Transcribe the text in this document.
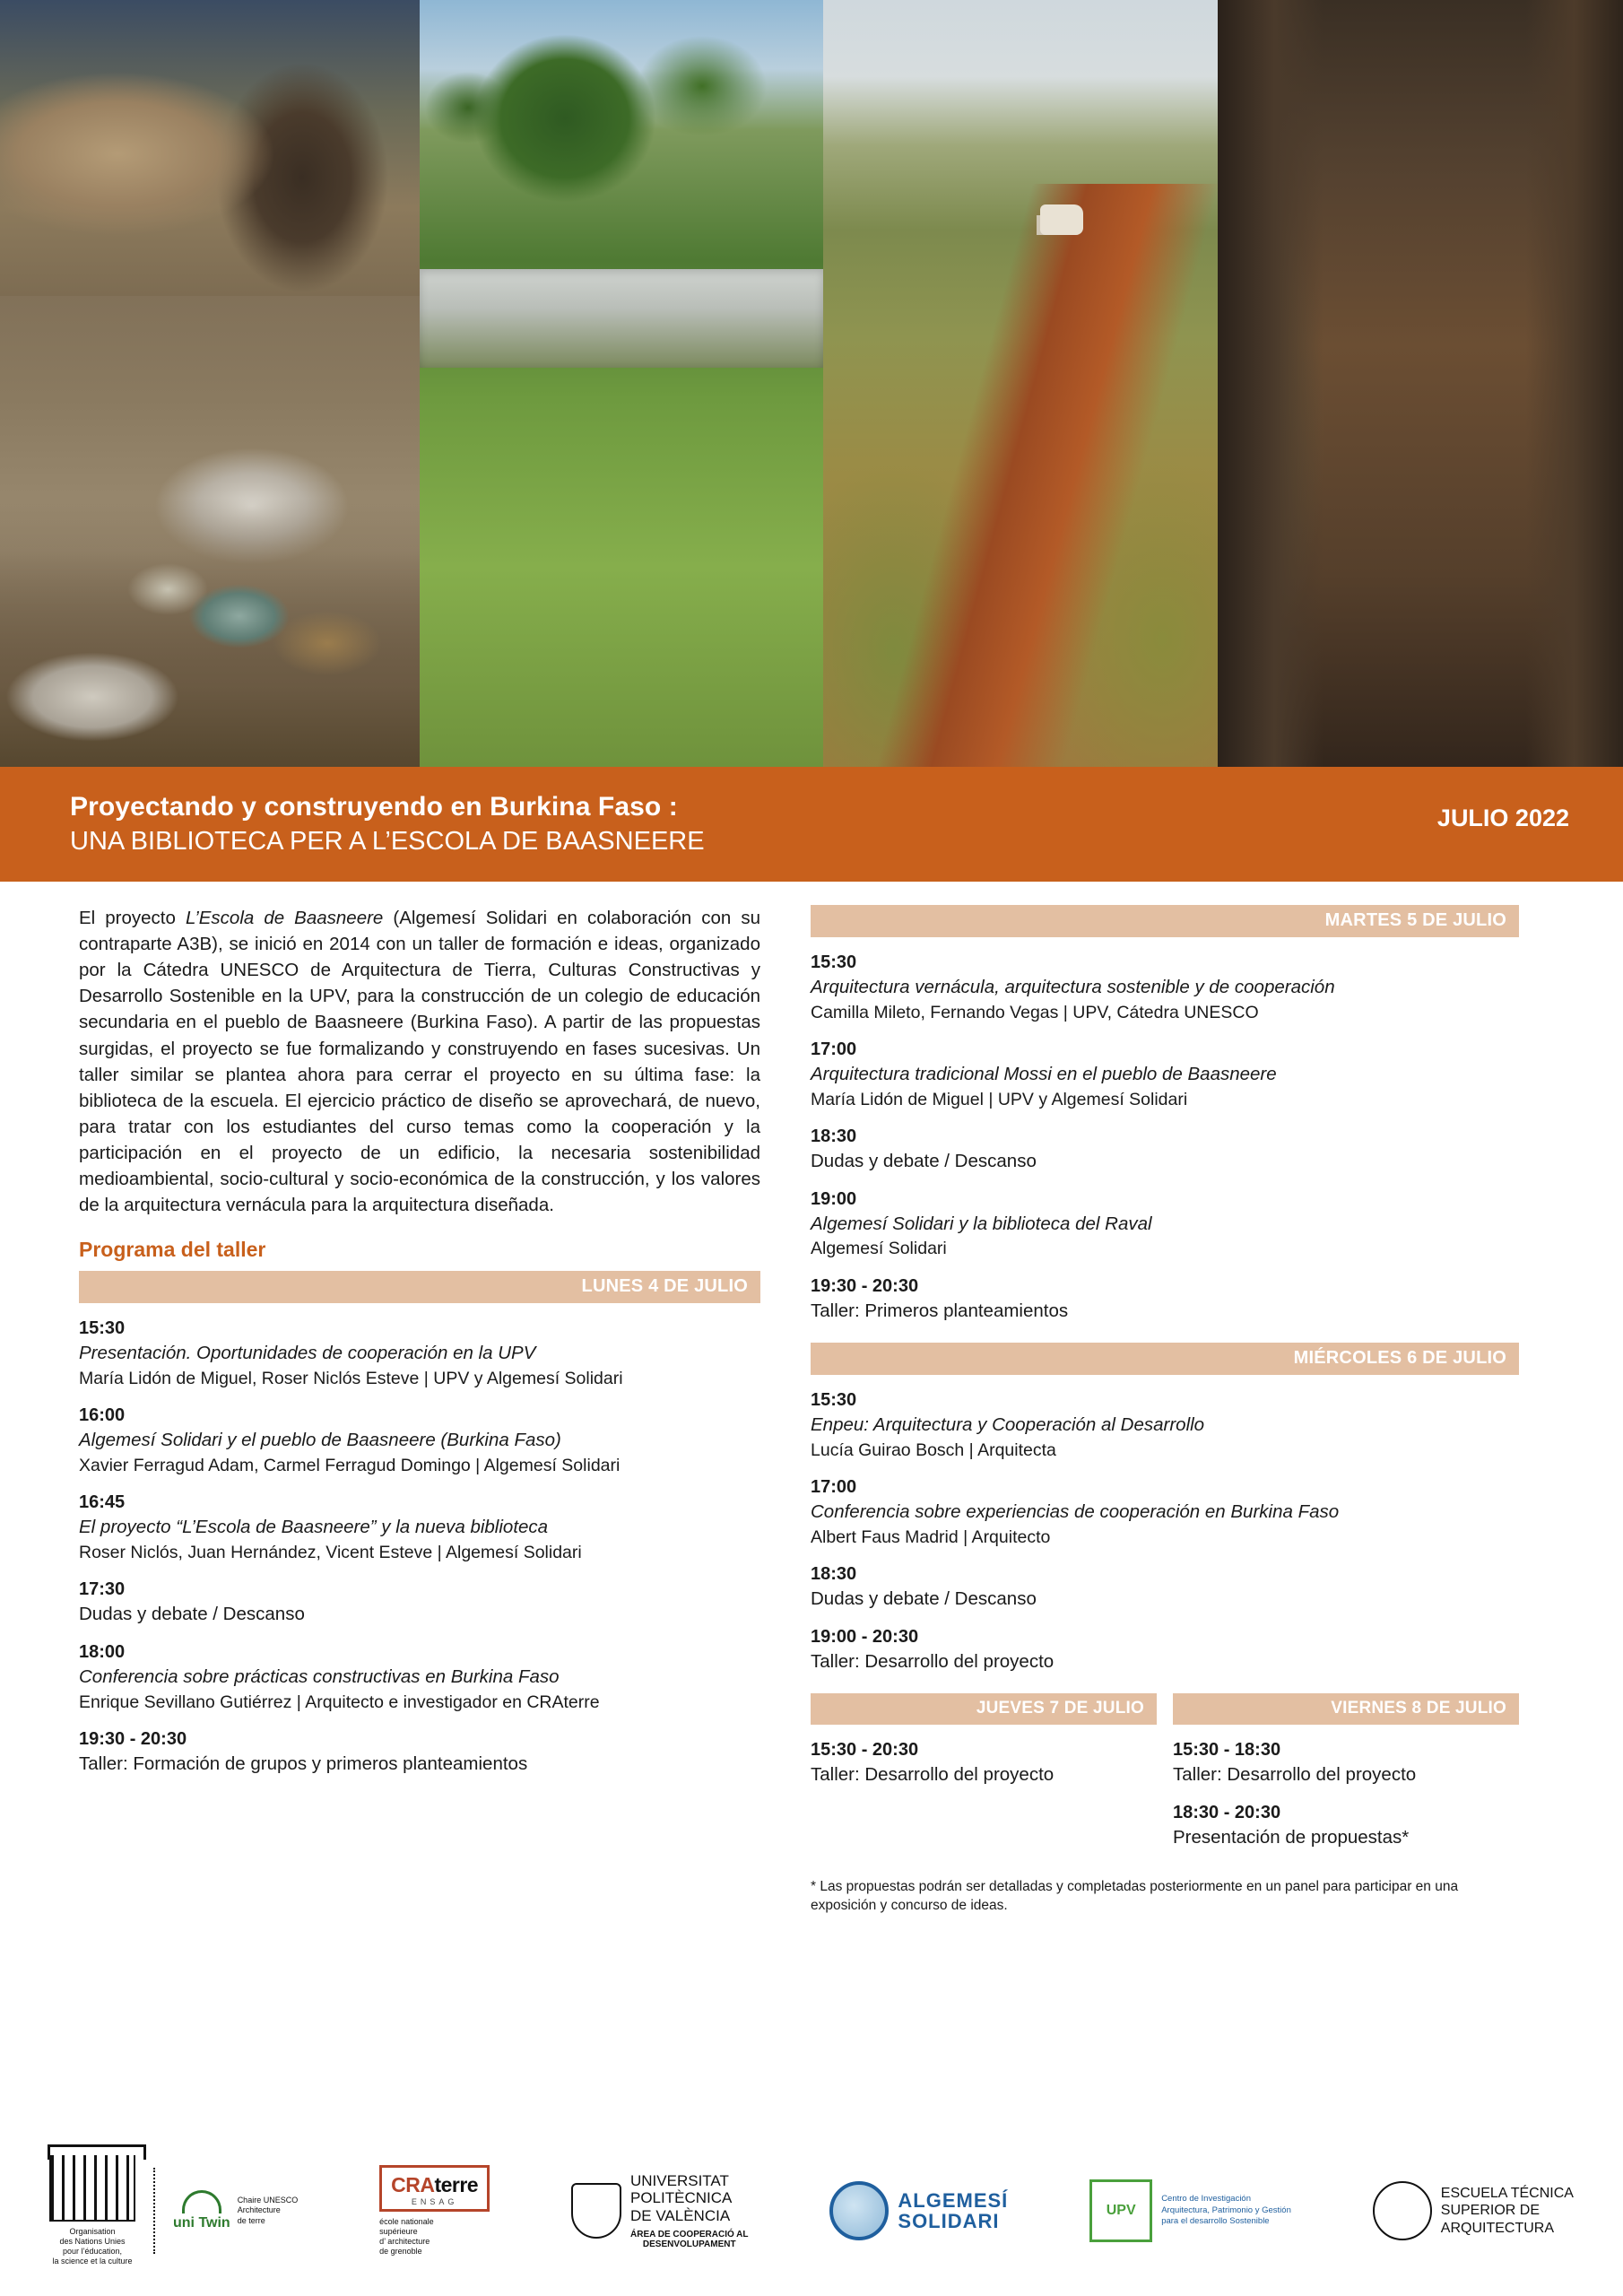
Proyectando y construyendo en Burkina Faso :
UNA BIBLIOTECA PER A L’ESCOLA DE BAASNEERE
JULIO 2022
El proyecto L’Escola de Baasneere (Algemesí Solidari en colaboración con su contraparte A3B), se inició en 2014 con un taller de formación e ideas, organizado por la Cátedra UNESCO de Arquitectura de Tierra, Culturas Constructivas y Desarrollo Sostenible en la UPV, para la construcción de un colegio de educación secundaria en el pueblo de Baasneere (Burkina Faso). A partir de las propuestas surgidas, el proyecto se fue formalizando y construyendo en fases sucesivas. Un taller similar se plantea ahora para cerrar el proyecto en su última fase: la biblioteca de la escuela. El ejercicio práctico de diseño se aprovechará, de nuevo, para tratar con los estudiantes del curso temas como la cooperación y la participación en el proyecto de un edificio, la necesaria sostenibilidad medioambiental, socio-cultural y socio-económica de la construcción, y los valores de la arquitectura vernácula para la arquitectura diseñada.
Programa del taller
LUNES 4 DE JULIO
15:30
Presentación. Oportunidades de cooperación en la UPV
María Lidón de Miguel, Roser Niclós Esteve | UPV y Algemesí Solidari
16:00
Algemesí Solidari y el pueblo de Baasneere (Burkina Faso)
Xavier Ferragud Adam, Carmel Ferragud Domingo | Algemesí Solidari
16:45
El proyecto “L’Escola de Baasneere” y la nueva biblioteca
Roser Niclós, Juan Hernández, Vicent Esteve | Algemesí Solidari
17:30
Dudas y debate / Descanso
18:00
Conferencia sobre prácticas constructivas en Burkina Faso
Enrique Sevillano Gutiérrez | Arquitecto e investigador en CRAterre
19:30 - 20:30
Taller: Formación de grupos y primeros planteamientos
MARTES 5 DE JULIO
15:30
Arquitectura vernácula, arquitectura sostenible y de cooperación
Camilla Mileto, Fernando Vegas | UPV, Cátedra UNESCO
17:00
Arquitectura tradicional Mossi en el pueblo de Baasneere
María Lidón de Miguel | UPV y Algemesí Solidari
18:30
Dudas y debate / Descanso
19:00
Algemesí Solidari y la biblioteca del Raval
Algemesí Solidari
19:30 - 20:30
Taller: Primeros planteamientos
MIÉRCOLES 6 DE JULIO
15:30
Enpeu: Arquitectura y Cooperación al Desarrollo
Lucía Guirao Bosch | Arquitecta
17:00
Conferencia sobre experiencias de cooperación en Burkina Faso
Albert Faus Madrid | Arquitecto
18:30
Dudas y debate / Descanso
19:00 - 20:30
Taller: Desarrollo del proyecto
JUEVES 7 DE JULIO
15:30 - 20:30
Taller: Desarrollo del proyecto
VIERNES 8 DE JULIO
15:30 - 18:30
Taller: Desarrollo del proyecto
18:30 - 20:30
Presentación de propuestas*
* Las propuestas podrán ser detalladas y completadas posteriormente en un panel para participar en una exposición y concurso de ideas.
Organisation
des Nations Unies
pour l’éducation,
la science et la culture
uni Twin
Chaire UNESCO
Architecture
de terre
CRAterre
ENSAG
école nationale
supérieure
d’ architecture
de grenoble
UNIVERSITAT
POLITÈCNICA
DE VALÈNCIA
ÁREA DE COOPERACIÓ AL
DESENVOLUPAMENT
ALGEMESÍ
SOLIDARI	UPV
Centro de Investigación
Arquitectura, Patrimonio y Gestión
para el desarrollo Sostenible
ESCUELA TÉCNICA
SUPERIOR DE
ARQUITECTURA
